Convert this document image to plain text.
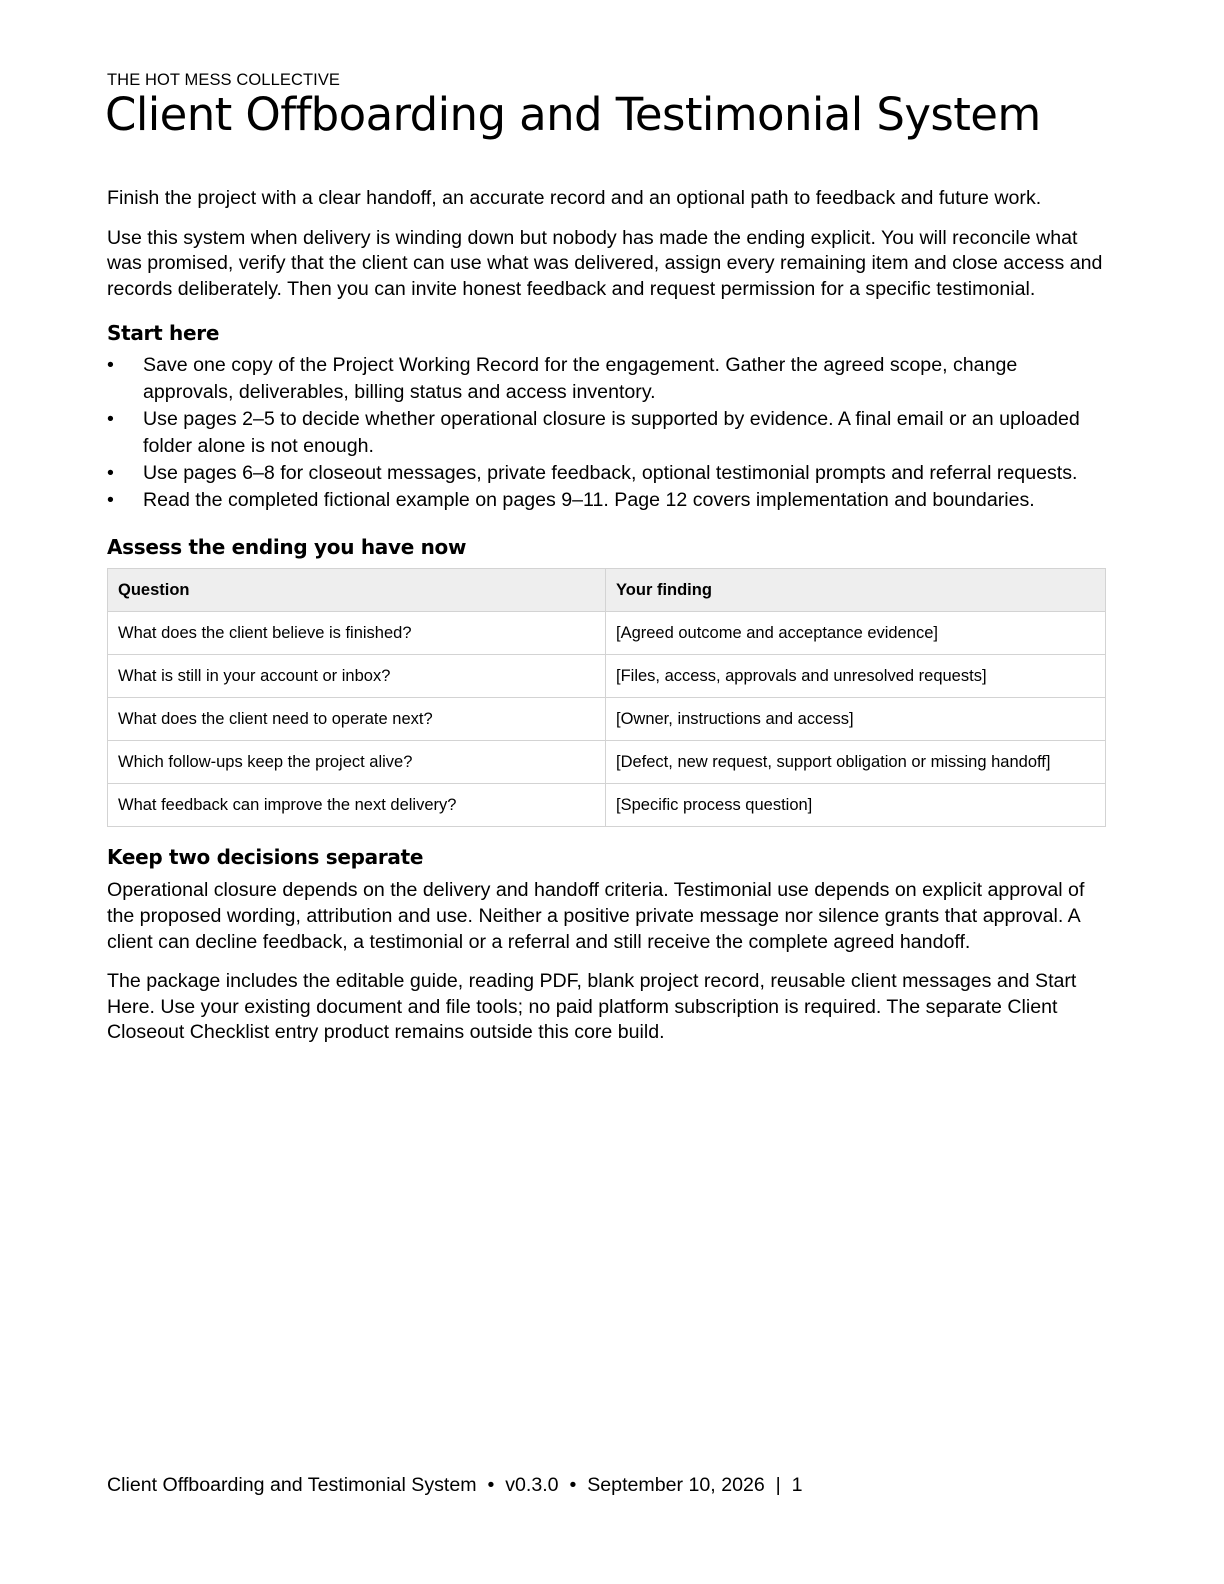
THE HOT MESS COLLECTIVE
Client Offboarding and Testimonial System

Finish the project with a clear handoff, an accurate record and an optional path to feedback and future work.

Use this system when delivery is winding down but nobody has made the ending explicit. You will reconcile what was promised, verify that the client can use what was delivered, assign every remaining item and close access and records deliberately. Then you can invite honest feedback and request permission for a specific testimonial.

Start here
• Save one copy of the Project Working Record for the engagement. Gather the agreed scope, change approvals, deliverables, billing status and access inventory.
• Use pages 2–5 to decide whether operational closure is supported by evidence. A final email or an uploaded folder alone is not enough.
• Use pages 6–8 for closeout messages, private feedback, optional testimonial prompts and referral requests.
• Read the completed fictional example on pages 9–11. Page 12 covers implementation and boundaries.
Assess the ending you have now
Question	Your finding
What does the client believe is finished?	[Agreed outcome and acceptance evidence]
What is still in your account or inbox?	[Files, access, approvals and unresolved requests]
What does the client need to operate next?	[Owner, instructions and access]
Which follow-ups keep the project alive?	[Defect, new request, support obligation or missing handoff]
What feedback can improve the next delivery?	[Specific process question]
Keep two decisions separate

Operational closure depends on the delivery and handoff criteria. Testimonial use depends on explicit approval of the proposed wording, attribution and use. Neither a positive private message nor silence grants that approval. A client can decline feedback, a testimonial or a referral and still receive the complete agreed handoff.

The package includes the editable guide, reading PDF, blank project record, reusable client messages and Start Here. Use your existing document and file tools; no paid platform subscription is required. The separate Client Closeout Checklist entry product remains outside this core build.

Client Offboarding and Testimonial System  •  v0.3.0  •  September 10, 2026  |  1
